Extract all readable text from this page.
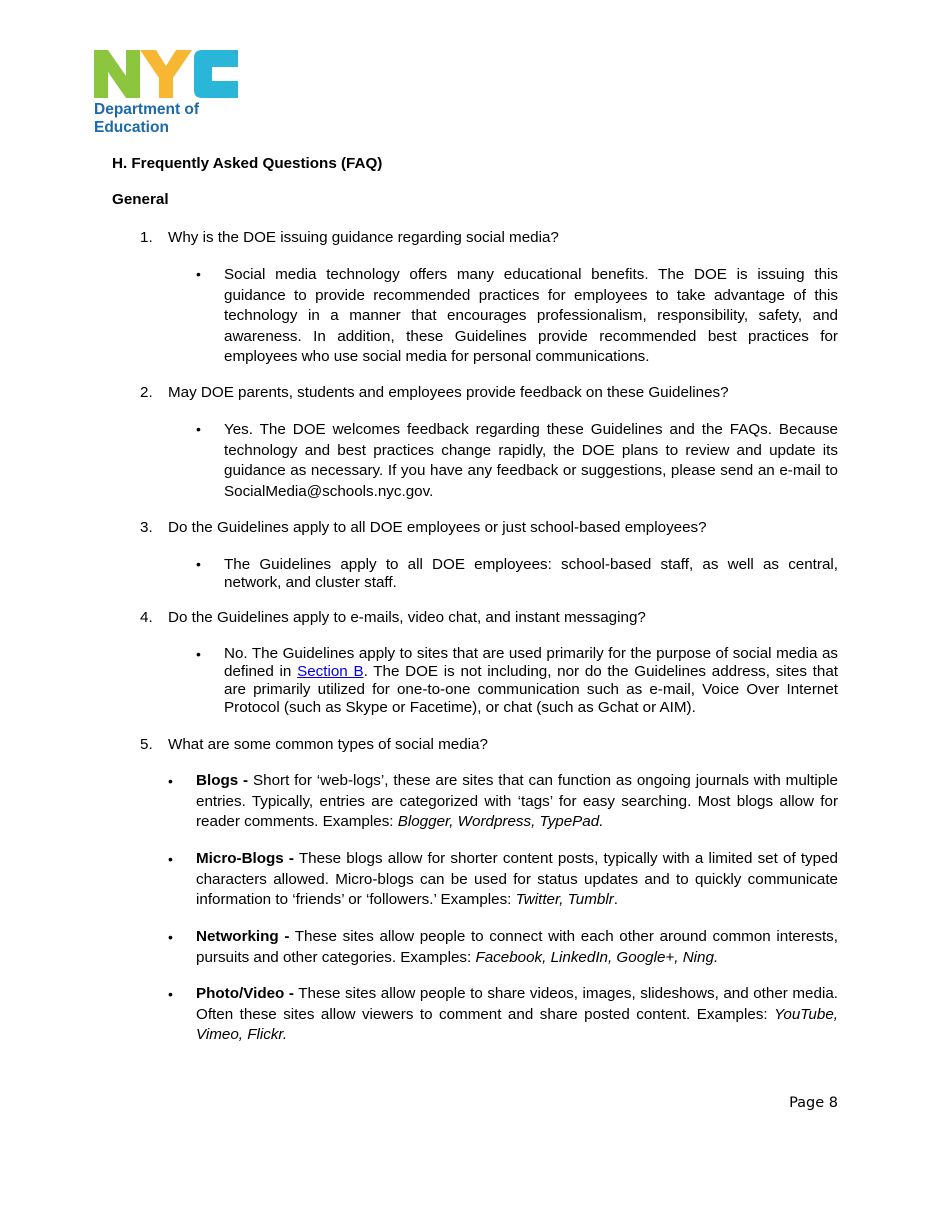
™
Department of
Education
H. Frequently Asked Questions (FAQ)
General

1. Why is the DOE issuing guidance regarding social media?

• Social media technology offers many educational benefits. The DOE is issuing this guidance to provide recommended practices for employees to take advantage of this technology in a manner that encourages professionalism, responsibility, safety, and awareness. In addition, these Guidelines provide recommended best practices for employees who use social media for personal communications.

2. May DOE parents, students and employees provide feedback on these Guidelines?

• Yes. The DOE welcomes feedback regarding these Guidelines and the FAQs. Because technology and best practices change rapidly, the DOE plans to review and update its guidance as necessary. If you have any feedback or suggestions, please send an e-mail to SocialMedia@schools.nyc.gov.

3. Do the Guidelines apply to all DOE employees or just school-based employees?

• The Guidelines apply to all DOE employees: school-based staff, as well as central, network, and cluster staff.

4. Do the Guidelines apply to e-mails, video chat, and instant messaging?

• No. The Guidelines apply to sites that are used primarily for the purpose of social media as defined in Section B. The DOE is not including, nor do the Guidelines address, sites that are primarily utilized for one-to-one communication such as e-mail, Voice Over Internet Protocol (such as Skype or Facetime), or chat (such as Gchat or AIM).

5. What are some common types of social media?

• Blogs - Short for ‘web-logs’, these are sites that can function as ongoing journals with multiple entries. Typically, entries are categorized with ‘tags’ for easy searching. Most blogs allow for reader comments. Examples: Blogger, Wordpress, TypePad.

• Micro-Blogs - These blogs allow for shorter content posts, typically with a limited set of typed characters allowed. Micro-blogs can be used for status updates and to quickly communicate information to ‘friends’ or ‘followers.’ Examples: Twitter, Tumblr.

• Networking - These sites allow people to connect with each other around common interests, pursuits and other categories. Examples: Facebook, LinkedIn, Google+, Ning.

• Photo/Video - These sites allow people to share videos, images, slideshows, and other media. Often these sites allow viewers to comment and share posted content. Examples: YouTube, Vimeo, Flickr.

Page 8
